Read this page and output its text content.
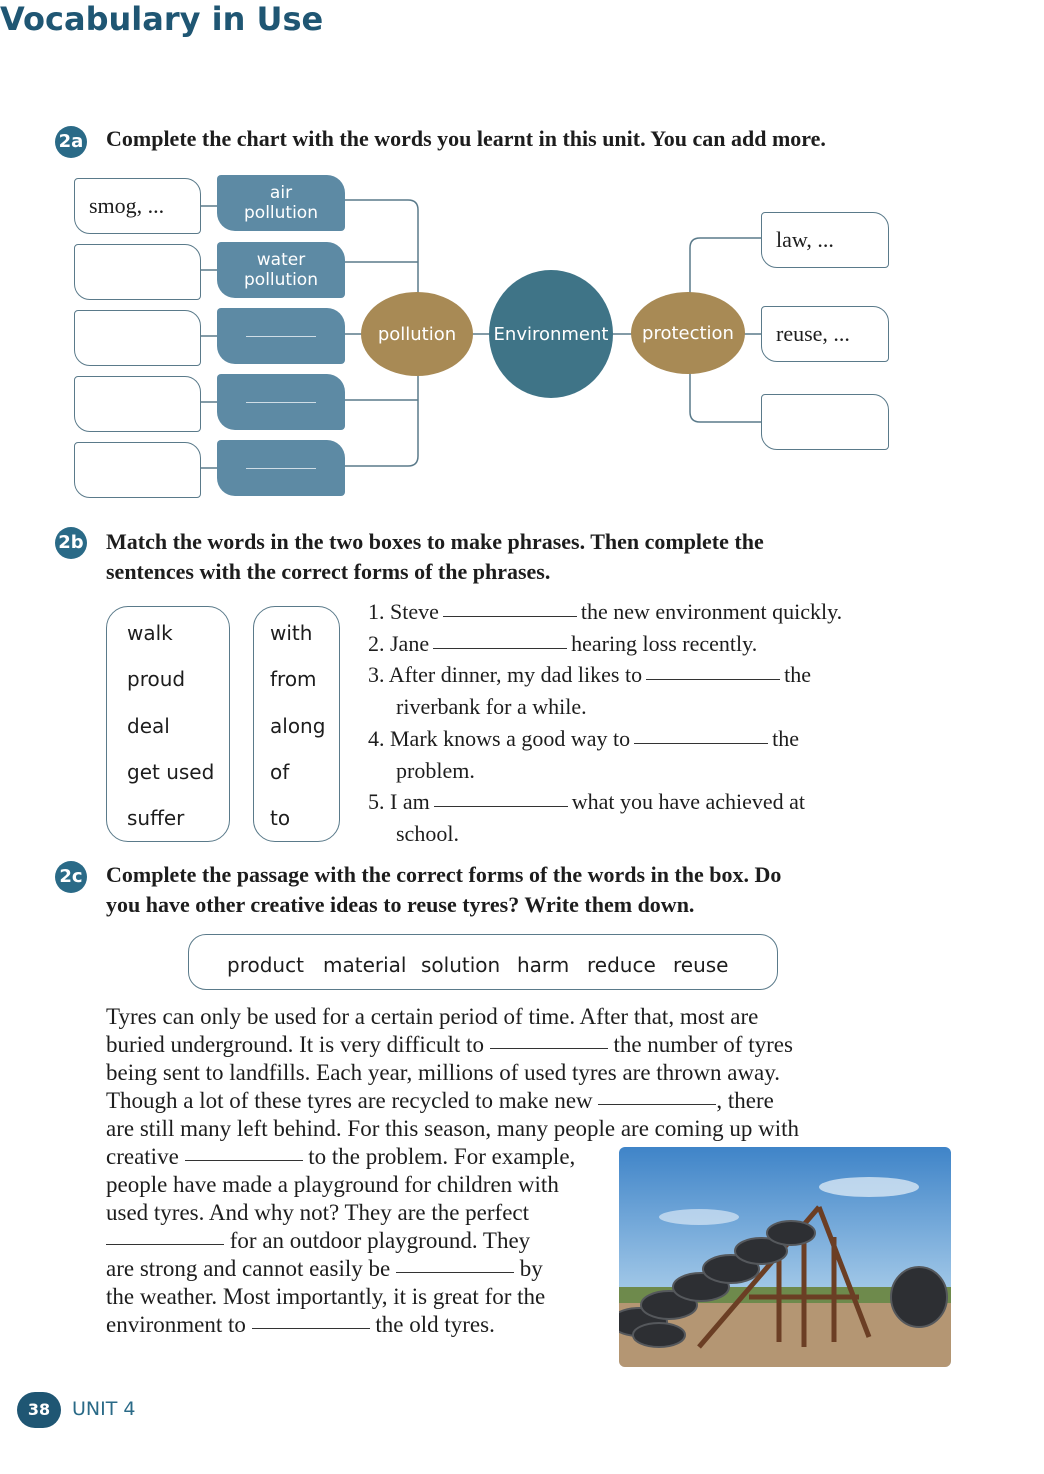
Vocabulary in Use
2a Complete the chart with the words you learnt in this unit. You can add more.
smog, ...	air pollution
water pollution
pollution Environment protection
law, ...
reuse, ...
2b Match the words in the two boxes to make phrases. Then complete the
sentences with the correct forms of the phrases.
walk
proud
deal
get used
suffer
with
from
along
of
to
1. Steve	the new environment quickly.
2. Jane	hearing loss recently.
3. After dinner, my dad likes to	the
riverbank for a while.
4. Mark knows a good way to	the
problem.
5. I am	what you have achieved at
school.
2c Complete the passage with the correct forms of the words in the box. Do
you have other creative ideas to reuse tyres? Write them down.
product material solution harm reduce reuse
Tyres can only be used for a certain period of time. After that, most are
buried underground. It is very difficult to	the number of tyres
being sent to landfills. Each year, millions of used tyres are thrown away.
Though a lot of these tyres are recycled to make new	, there
are still many left behind. For this season, many people are coming up with
creative	to the problem. For example,
people have made a playground for children with
used tyres. And why not? They are the perfect
for an outdoor playground. They
are strong and cannot easily be	by
the weather. Most importantly, it is great for the
environment to	the old tyres.
38	UNIT 4
